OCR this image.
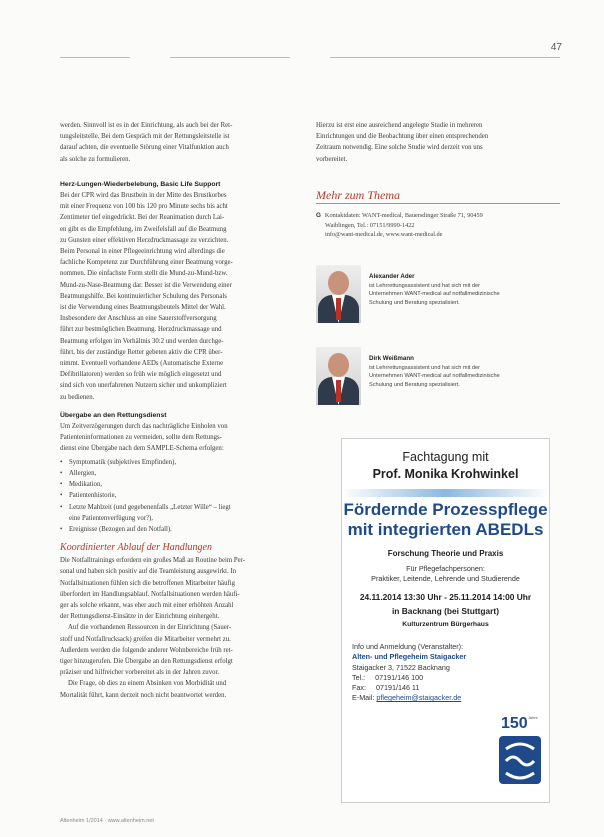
47

werden. Sinnvoll ist es in der Einrichtung, als auch bei der Ret-

tungsleitstelle. Bei dem Gespräch mit der Rettungsleitstelle ist

darauf achten, die eventuelle Störung einer Vitalfunktion auch

als solche zu formulieren.

Herz-Lungen-Wiederbelebung, Basic Life Support

Bei der CPR wird das Brustbein in der Mitte des Brustkorbes

mit einer Frequenz von 100 bis 120 pro Minute sechs bis acht

Zentimeter tief eingedrückt. Bei der Reanimation durch Lai-

en gibt es die Empfehlung, im Zweifelsfall auf die Beatmung

zu Gunsten einer effektiven Herzdruckmassage zu verzichten.

Beim Personal in einer Pflegeeinrichtung wird allerdings die

fachliche Kompetenz zur Durchführung einer Beatmung vorge-

nommen. Die einfachste Form stellt die Mund-zu-Mund-bzw.

Mund-zu-Nase-Beatmung dar. Besser ist die Verwendung einer

Beatmungshilfe. Bei kontinuierlicher Schulung des Personals

ist die Verwendung eines Beatmungsbeutels Mittel der Wahl.

Insbesondere der Anschluss an eine Sauerstoffversorgung

führt zur bestmöglichen Beatmung. Herzdruckmassage und

Beatmung erfolgen im Verhältnis 30:2 und werden durchge-

führt, bis der zuständige Retter gebeten aktiv die CPR über-

nimmt. Eventuell vorhandene AEDs (Automatische Externe

Defibrillatoren) werden so früh wie möglich eingesetzt und

sind sich von unerfahrenen Nutzern sicher und unkompliziert

zu bedienen.

Übergabe an den Rettungsdienst

Um Zeitverzögerungen durch das nachträgliche Einholen von

Patienteninformationen zu vermeiden, sollte dem Rettungs-

dienst eine Übergabe nach dem SAMPLE-Schema erfolgen:

• Symptomatik (subjektives Empfinden),
• Allergien,
• Medikation,
• Patientenhistorie,
• Letzte Mahlzeit (und gegebenenfalls „Letzter Wille“ – liegt
eine Patientenverfügung vor?),
• Ereignisse (Bezogen auf den Notfall).

Koordinierter Ablauf der Handlungen

Die Notfalltrainings erfordern ein großes Maß an Routine beim Per-

sonal und haben sich positiv auf die Teamleistung ausgewirkt. In

Notfallsituationen fühlen sich die betroffenen Mitarbeiter häufig

überfordert im Handlungsablauf. Notfallsituationen werden häufi-

ger als solche erkannt, was eher auch mit einer erhöhten Anzahl

der Rettungsdienst-Einsätze in der Einrichtung einhergeht.

Auf die vorhandenen Ressourcen in der Einrichtung (Sauer-

stoff und Notfallrucksack) greifen die Mitarbeiter vermehrt zu.

Außerdem werden die folgende anderer Wohnbereiche früh ret-

tiger hinzugerufen. Die Übergabe an den Rettungsdienst erfolgt

präziser und hilfreicher vorbereitet als in der Jahren zuvor.

Die Frage, ob dies zu einem Absinken von Morbidität und

Mortalität führt, kann derzeit noch nicht beantwortet werden.

Hierzu ist erst eine ausreichend angelegte Studie in mehreren

Einrichtungen und die Beobachtung über einen entsprechenden

Zeitraum notwendig. Eine solche Studie wird derzeit von uns

vorbereitet.

Mehr zum Thema
G Kontaktdaten: WANT-medical, Bauersdinger Straße 71, 90459
Waiblingen, Tel.: 07151/9999-1422
info@want-medical.de, www.want-medical.de
Alexander Ader
ist Lehrrettungsassistent und hat sich mit der
Unternehmen WANT-medical auf notfallmedizinische
Schulung und Beratung spezialisiert.
Dirk Weißmann
ist Lehrrettungsassistent und hat sich mit der
Unternehmen WANT-medical auf notfallmedizinische
Schulung und Beratung spezialisiert.
Fachtagung mit
Prof. Monika Krohwinkel
Fördernde Prozesspflege
mit integrierten ABEDLs
Forschung Theorie und Praxis
Für Pflegefachpersonen:
Praktiker, Leitende, Lehrende und Studierende
24.11.2014 13:30 Uhr - 25.11.2014 14:00 Uhr
in Backnang (bei Stuttgart)
Kulturzentrum Bürgerhaus
Info und Anmeldung (Veranstalter):
Alten- und Pflegeheim Staigacker
Staigacker 3, 71522 Backnang
Tel.:     07191/146 100
Fax:     07191/146 11
E-Mail: pflegeheim@staigacker.de
$150^{Jahre}$
Altenheim 1/2014 · www.altenheim.net
